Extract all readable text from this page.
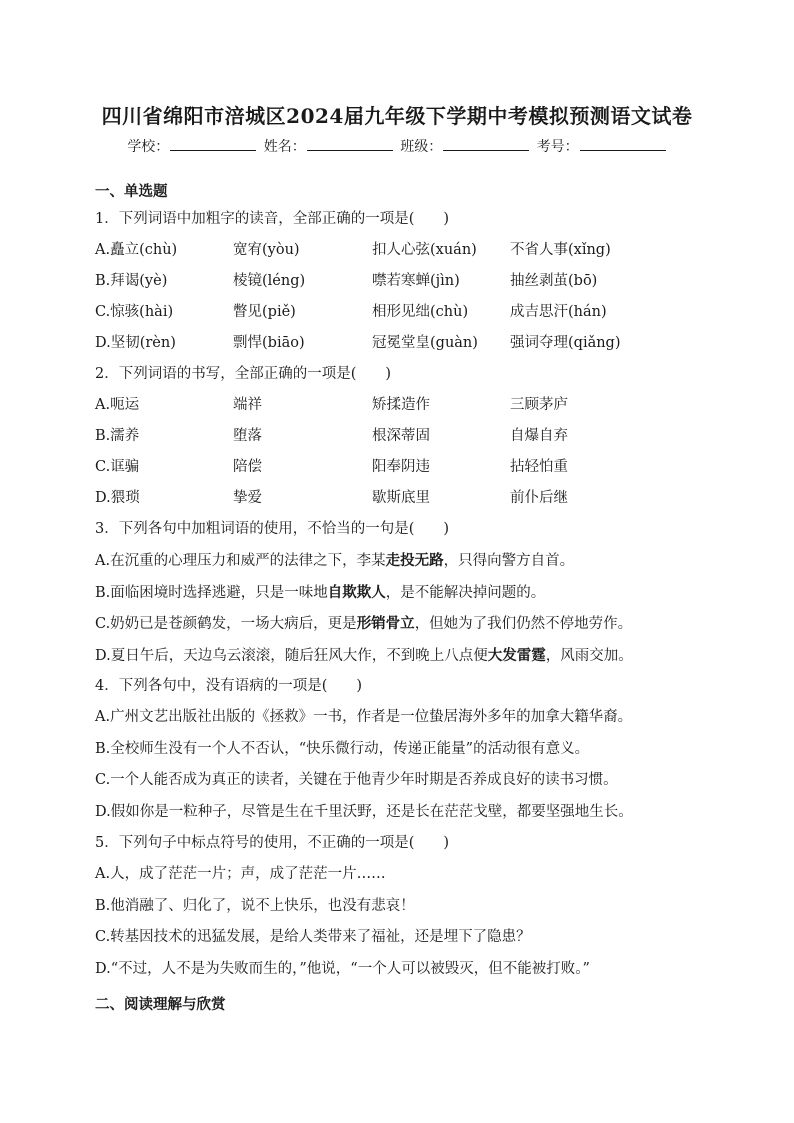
四川省绵阳市涪城区2024届九年级下学期中考模拟预测语文试卷
学校：	姓名：	班级：	考号：
一、单选题
1．下列词语中加粗字的读音，全部正确的一项是(　　)
A.矗立(chù)	宽宥(yòu)	扣人心弦(xuán) 不省人事(xǐng)
B.拜谒(yè)	棱镜(léng)	噤若寒蝉(jìn)	抽丝剥茧(bō)
C.惊骇(hài)	瞥见(piě)	相形见绌(chù)	成吉思汗(hán)
D.坚韧(rèn)	剽悍(biāo)	冠冕堂皇(guàn) 强词夺理(qiǎng)
2．下列词语的书写，全部正确的一项是(　　)
A.呃运	端祥	矫揉造作	三顾茅庐
B.濡养	堕落	根深蒂固	自爆自弃
C.诓骗	陪偿	阳奉阴违	拈轻怕重
D.猥琐	挚爱	歇斯底里	前仆后继
3．下列各句中加粗词语的使用，不恰当的一句是(　　)
A.在沉重的心理压力和威严的法律之下，李某走投无路，只得向警方自首。
B.面临困境时选择逃避，只是一味地自欺欺人，是不能解决掉问题的。
C.奶奶已是苍颜鹤发，一场大病后，更是形销骨立，但她为了我们仍然不停地劳作。
D.夏日午后，天边乌云滚滚，随后狂风大作，不到晚上八点便大发雷霆，风雨交加。
4．下列各句中，没有语病的一项是(　　)
A.广州文艺出版社出版的《拯救》一书，作者是一位蛰居海外多年的加拿大籍华裔。
B.全校师生没有一个人不否认，“快乐微行动，传递正能量”的活动很有意义。
C.一个人能否成为真正的读者，关键在于他青少年时期是否养成良好的读书习惯。
D.假如你是一粒种子，尽管是生在千里沃野，还是长在茫茫戈壁，都要坚强地生长。
5．下列句子中标点符号的使用，不正确的一项是(　　)
A.人，成了茫茫一片；声，成了茫茫一片……
B.他消融了、归化了，说不上快乐，也没有悲哀！
C.转基因技术的迅猛发展，是给人类带来了福祉，还是埋下了隐患？
D.“不过，人不是为失败而生的，”他说，“一个人可以被毁灭，但不能被打败。”
二、阅读理解与欣赏
